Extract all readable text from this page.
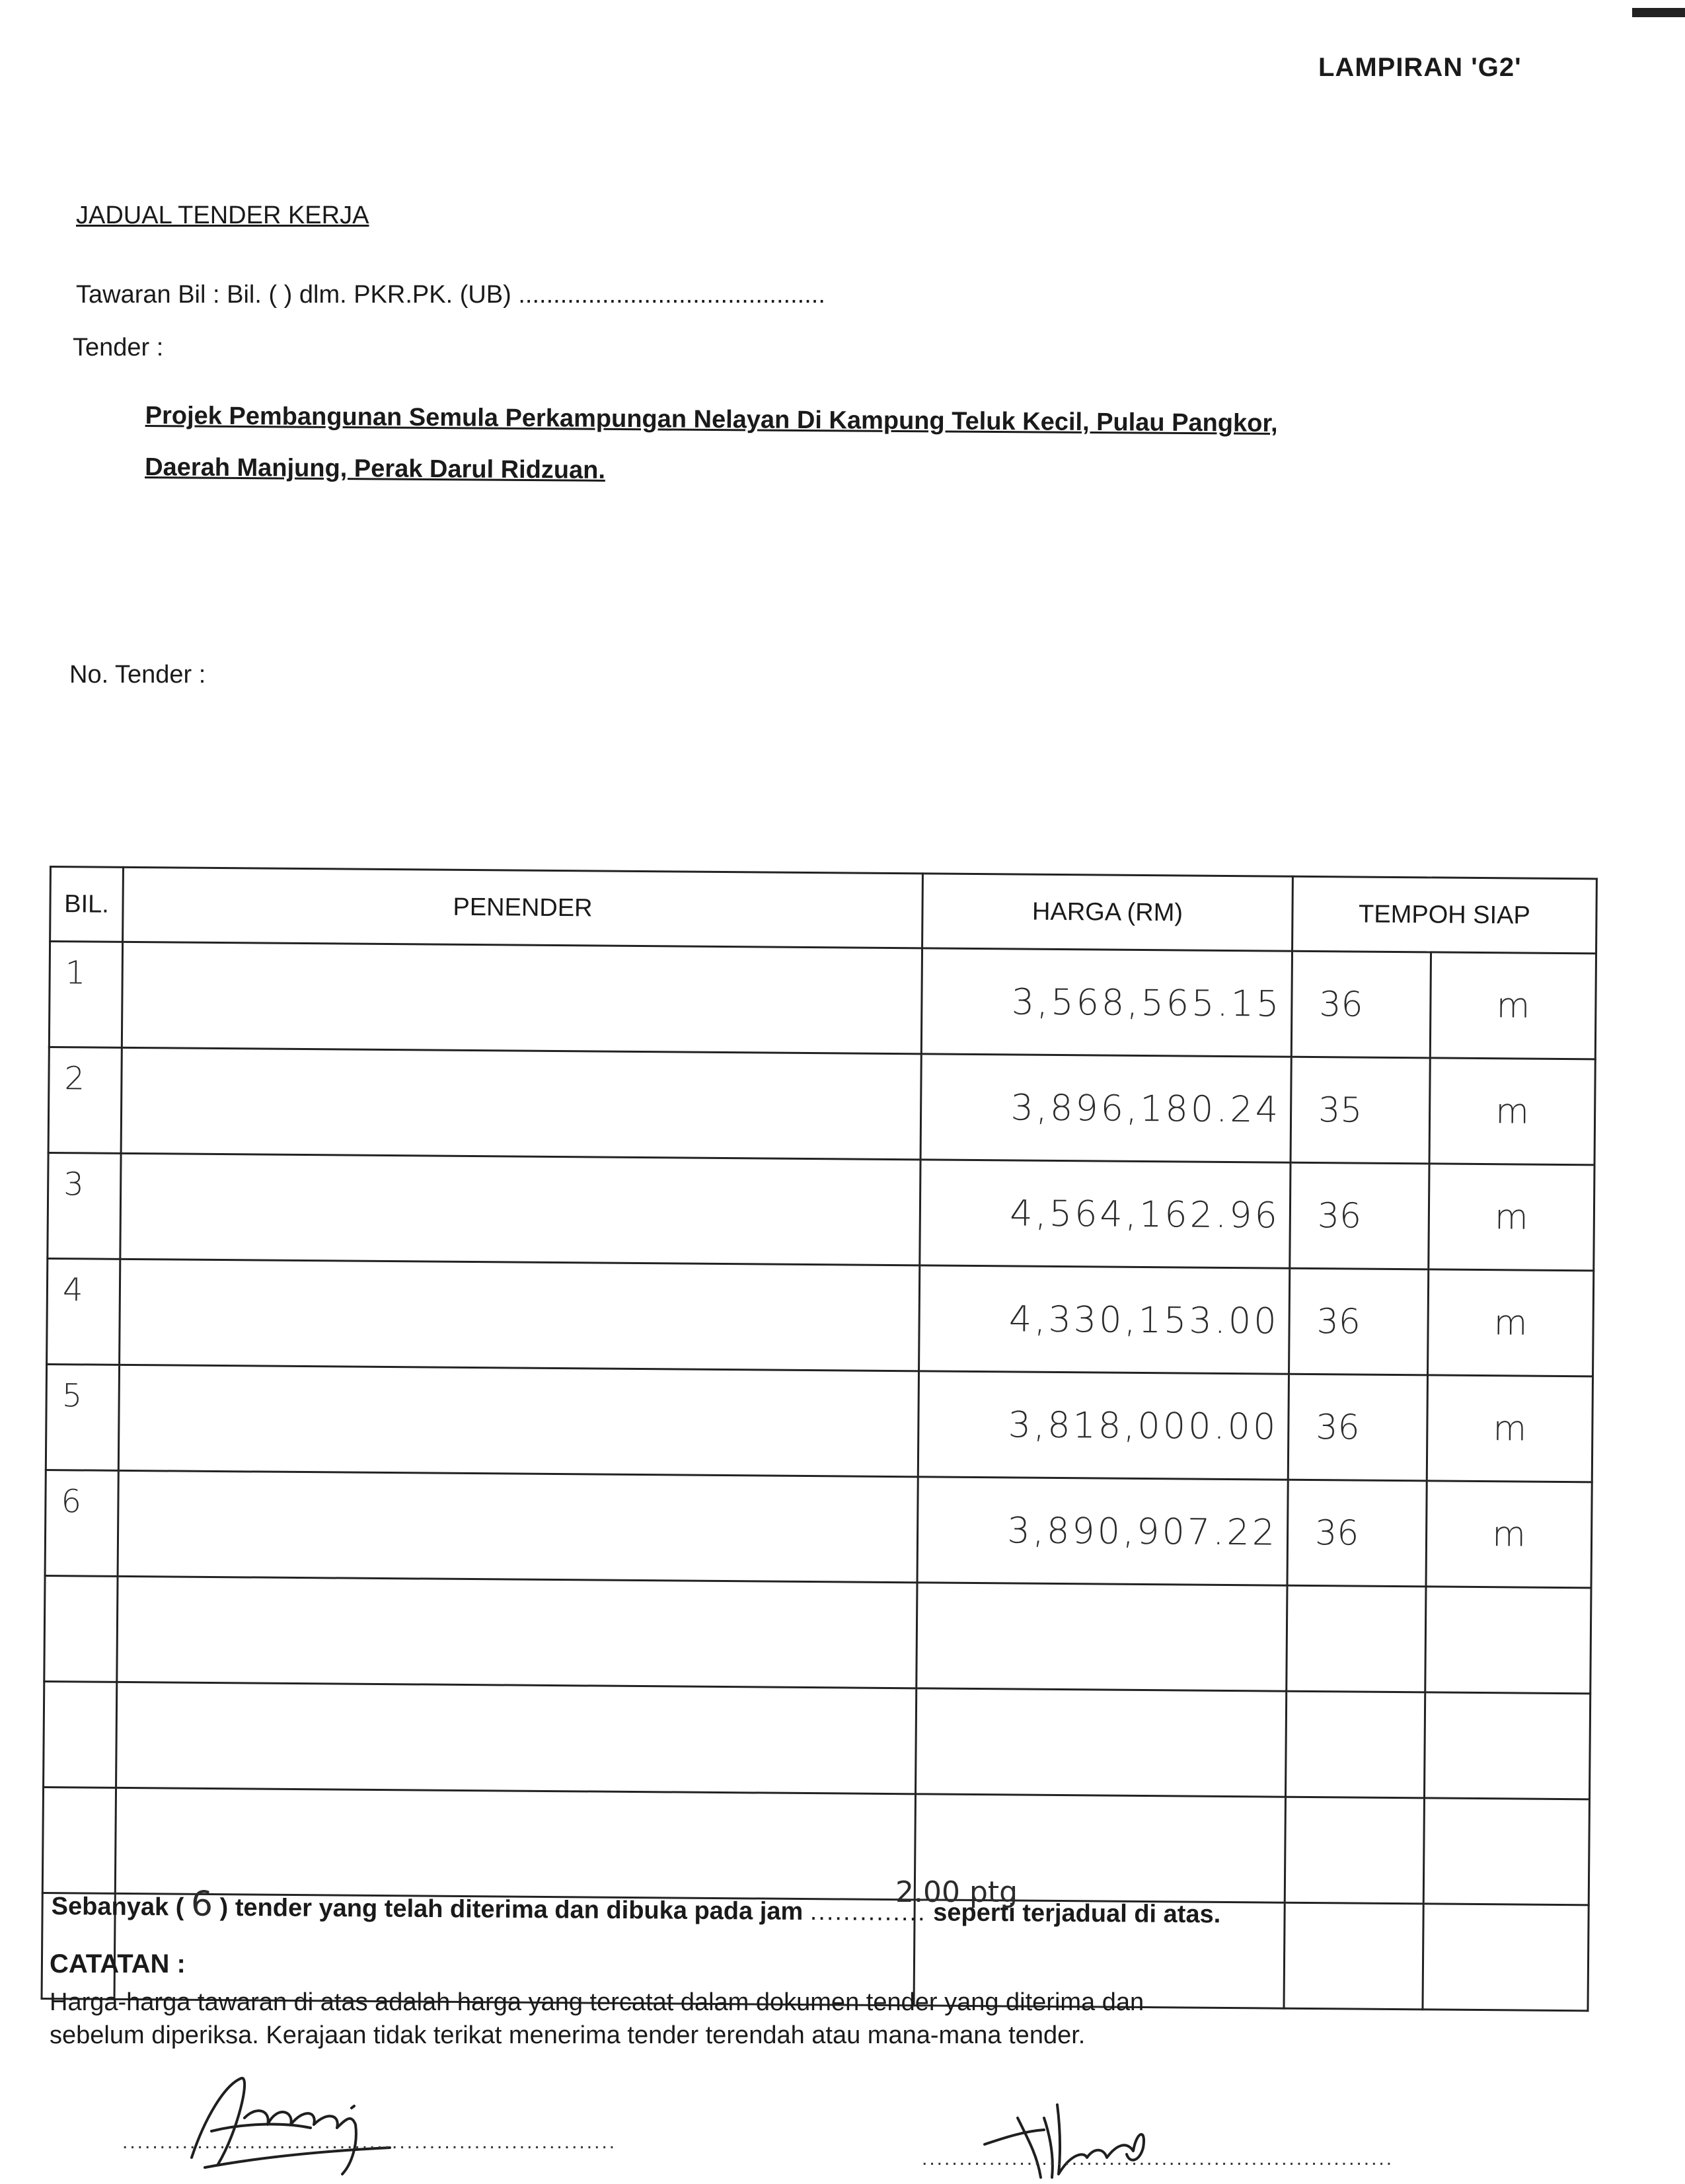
LAMPIRAN 'G2'
JADUAL TENDER KERJA
Tawaran Bil : Bil. ( ) dlm. PKR.PK. (UB) ............................................
Tender :
Projek Pembangunan Semula Perkampungan Nelayan Di Kampung Teluk Kecil, Pulau Pangkor,
Daerah Manjung, Perak Darul Ridzuan.
No. Tender :
BIL.	PENENDER	HARGA (RM)	TEMPOH SIAP	
1		3,568,565.15	36	m
2		3,896,180.24	35	m
3		4,564,162.96	36	m
4		4,330,153.00	36	m
5		3,818,000.00	36	m
6		3,890,907.22	36	m

Sebanyak ( 6 ) tender yang telah diterima dan dibuka pada jam .............. seperti terjadual di atas.
2.00 ptg
CATATAN :
Harga-harga tawaran di atas adalah harga yang tercatat dalam dokumen tender yang diterima dan
sebelum diperiksa. Kerajaan tidak terikat menerima tender terendah atau mana-mana tender.
..................................................................
...............................................................
